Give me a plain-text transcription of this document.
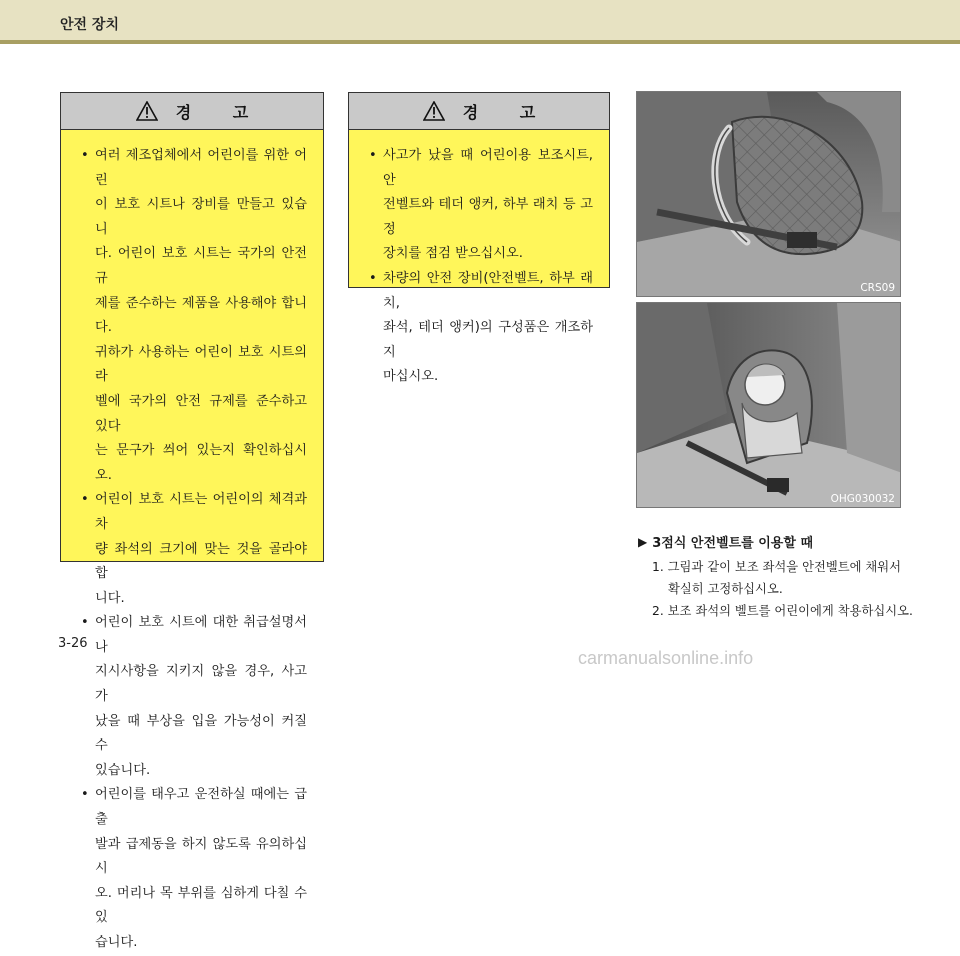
안전 장치
경 고
• 여러 제조업체에서 어린이를 위한 어린
이 보호 시트나 장비를 만들고 있습니
다. 어린이 보호 시트는 국가의 안전 규
제를 준수하는 제품을 사용해야 합니다.
귀하가 사용하는 어린이 보호 시트의 라
벨에 국가의 안전 규제를 준수하고 있다
는 문구가 씌어 있는지 확인하십시오.
• 어린이 보호 시트는 어린이의 체격과 차
량 좌석의 크기에 맞는 것을 골라야 합
니다.
• 어린이 보호 시트에 대한 취급설명서나
지시사항을 지키지 않을 경우, 사고가
났을 때 부상을 입을 가능성이 커질 수
있습니다.
• 어린이를 태우고 운전하실 때에는 급출
발과 급제동을 하지 않도록 유의하십시
오. 머리나 목 부위를 심하게 다칠 수 있
습니다.
경 고
• 사고가 났을 때 어린이용 보조시트, 안
전벨트와 테더 앵커, 하부 래치 등 고정
장치를 점검 받으십시오.
• 차량의 안전 장비(안전벨트, 하부 래치,
좌석, 테더 앵커)의 구성품은 개조하지
마십시오.
CRS09
OHG030032
▶ 3점식 안전벨트를 이용할 때
1. 그림과 같이 보조 좌석을 안전벨트에 채워서
확실히 고정하십시오.
2. 보조 좌석의 벨트를 어린이에게 착용하십시오.
3-26
carmanualsonline.info
